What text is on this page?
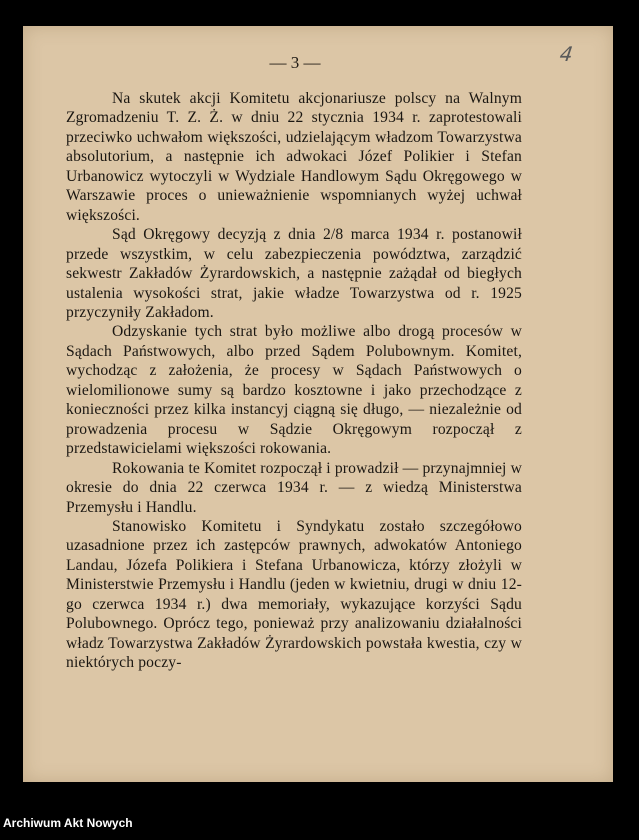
— 3 —	4

Na skutek akcji Komitetu akcjonariusze polscy na Walnym Zgromadzeniu T. Z. Ż. w dniu 22 stycznia 1934 r. zaprotestowali przeciwko uchwałom większości, udzielającym władzom Towarzystwa absolutorium, a następnie ich adwokaci Józef Polikier i Stefan Urbanowicz wytoczyli w Wydziale Handlowym Sądu Okręgowego w Warszawie proces o unieważnienie wspomnianych wyżej uchwał większości.

Sąd Okręgowy decyzją z dnia 2/8 marca 1934 r. postanowił przede wszystkim, w celu zabezpieczenia powództwa, zarządzić sekwestr Zakładów Żyrardowskich, a następnie zażądał od biegłych ustalenia wysokości strat, jakie władze Towarzystwa od r. 1925 przyczyniły Zakładom.

Odzyskanie tych strat było możliwe albo drogą procesów w Sądach Państwowych, albo przed Sądem Polubownym. Komitet, wychodząc z założenia, że procesy w Sądach Państwowych o wielomilionowe sumy są bardzo kosztowne i jako przechodzące z konieczności przez kilka instancyj ciągną się długo, — niezależnie od prowadzenia procesu w Sądzie Okręgowym rozpoczął z przedstawicielami większości rokowania.

Rokowania te Komitet rozpoczął i prowadził — przynajmniej w okresie do dnia 22 czerwca 1934 r. — z wiedzą Ministerstwa Przemysłu i Handlu.

Stanowisko Komitetu i Syndykatu zostało szczegółowo uzasadnione przez ich zastępców prawnych, adwokatów Antoniego Landau, Józefa Polikiera i Stefana Urbanowicza, którzy złożyli w Ministerstwie Przemysłu i Handlu (jeden w kwietniu, drugi w dniu 12-go czerwca 1934 r.) dwa memoriały, wykazujące korzyści Sądu Polubownego. Oprócz tego, ponieważ przy analizowaniu działalności władz Towarzystwa Zakładów Żyrardowskich powstała kwestia, czy w niektórych poczy-

Archiwum Akt Nowych
